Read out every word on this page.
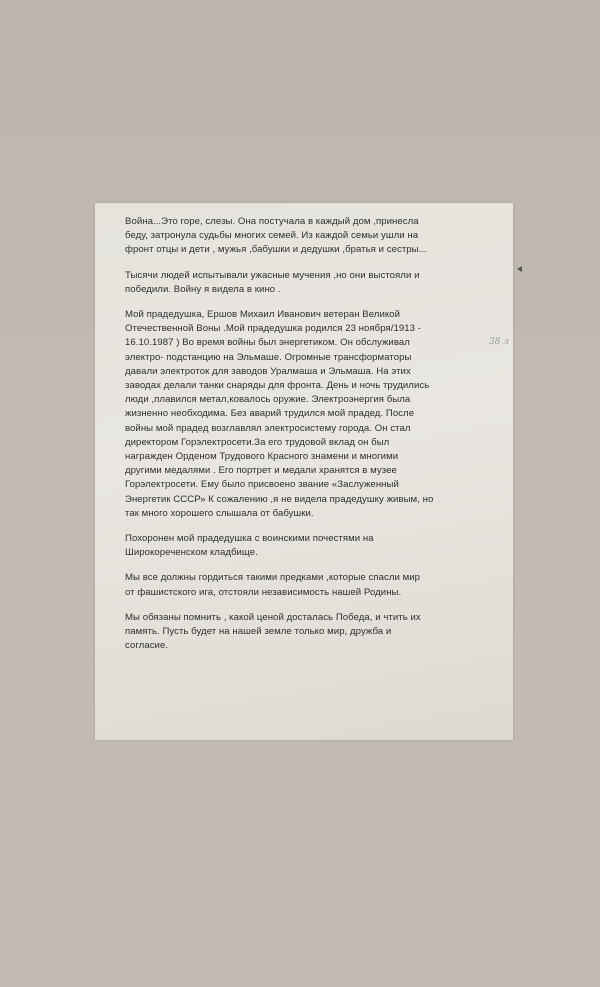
Война...Это горе, слезы. Она постучала в каждый дом ,принесла
беду, затронула судьбы многих семей. Из каждой семьи ушли на
фронт отцы и дети , мужья ,бабушки и дедушки ,братья и сестры...

Тысячи людей испытывали ужасные мучения ,но они выстояли и
победили. Войну я видела в кино .

Мой прадедушка, Ершов Михаил Иванович ветеран Великой
Отечественной Воны .Мой прадедушка родился 23 ноября/1913 -
16.10.1987 ) Во время войны был энергетиком. Он обслуживал
электро- подстанцию на Эльмаше. Огромные трансформаторы
давали электроток для заводов Уралмаша и Эльмаша. На этих
заводах делали танки снаряды для фронта. День и ночь трудились
люди ,плавился метал,ковалось оружие. Электроэнергия была
жизненно необходима. Без аварий трудился мой прадед. После
войны мой прадед возглавлял электросистему города. Он стал
директором Горэлектросети.За его трудовой вклад он был
награжден Орденом Трудового Красного знамени и многими
другими медалями . Его портрет и медали хранятся в музее
Горэлектросети. Ему было присвоено звание «Заслуженный
Энергетик СССР» К сожалению ,я не видела прадедушку живым, но
так много хорошего слышала от бабушки.

Похоронен мой прадедушка с воинскими почестями на
Широкореченском кладбище.

Мы все должны гордиться такими предками ,которые спасли мир
от фашистского ига, отстояли независимость нашей Родины.

Мы обязаны помнить , какой ценой досталась Победа, и чтить их
память. Пусть будет на нашей земле только мир, дружба и
согласие.

38 л
